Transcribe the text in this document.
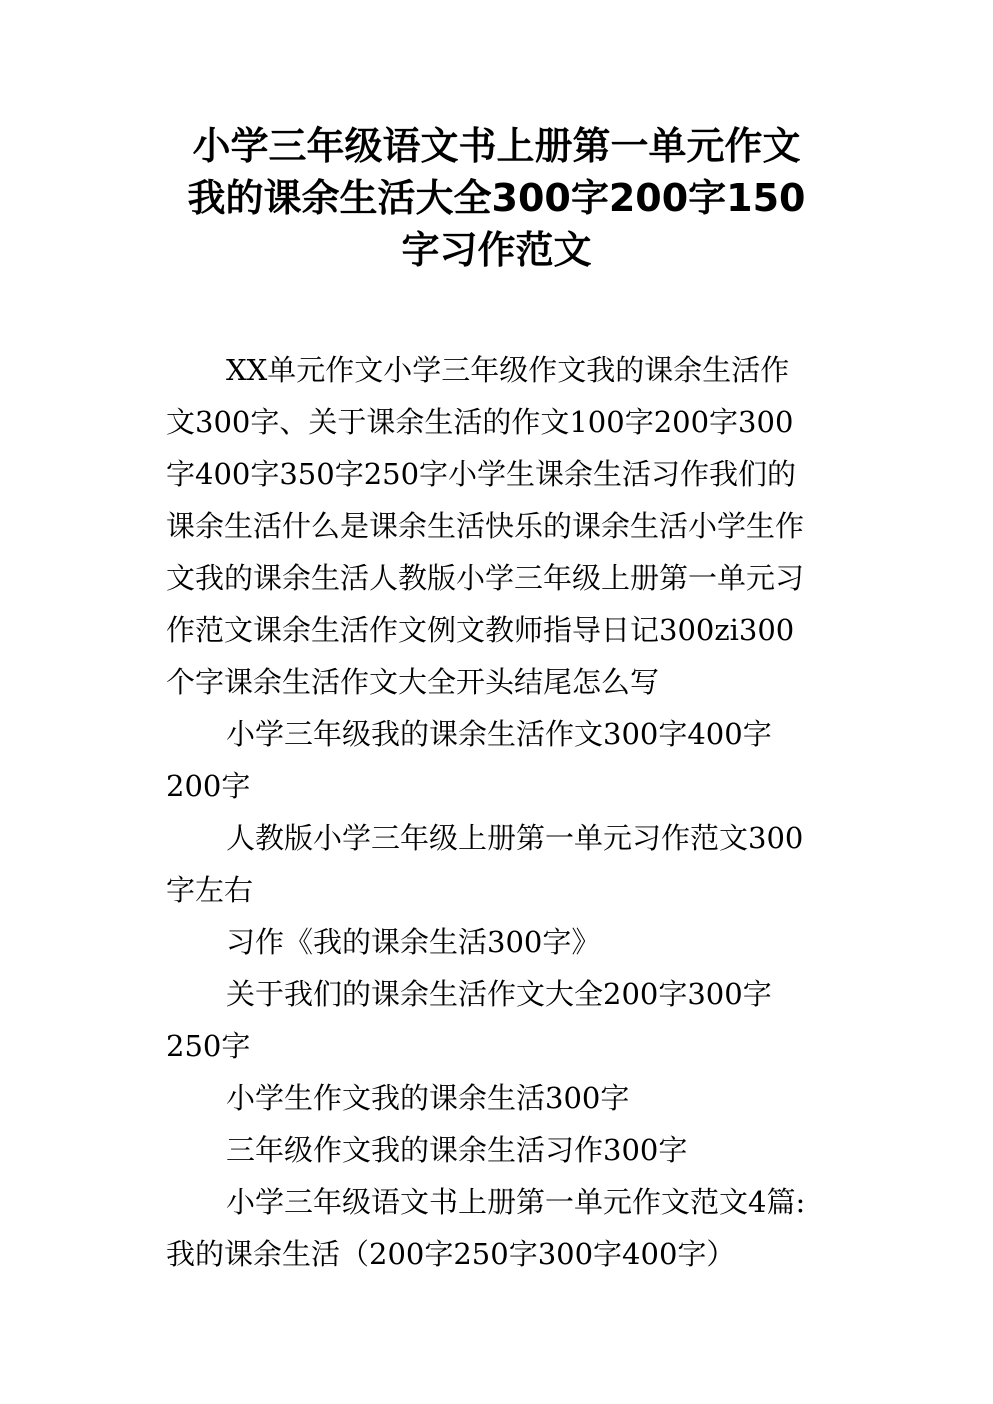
小学三年级语文书上册第一单元作文
我的课余生活大全300字200字150
字习作范文
XX单元作文小学三年级作文我的课余生活作
文300字、关于课余生活的作文100字200字300
字400字350字250字小学生课余生活习作我们的
课余生活什么是课余生活快乐的课余生活小学生作
文我的课余生活人教版小学三年级上册第一单元习
作范文课余生活作文例文教师指导日记300zi300
个字课余生活作文大全开头结尾怎么写
小学三年级我的课余生活作文300字400字
200字
人教版小学三年级上册第一单元习作范文300
字左右
习作《我的课余生活300字》
关于我们的课余生活作文大全200字300字
250字
小学生作文我的课余生活300字
三年级作文我的课余生活习作300字
小学三年级语文书上册第一单元作文范文4篇:
我的课余生活（200字250字300字400字）
